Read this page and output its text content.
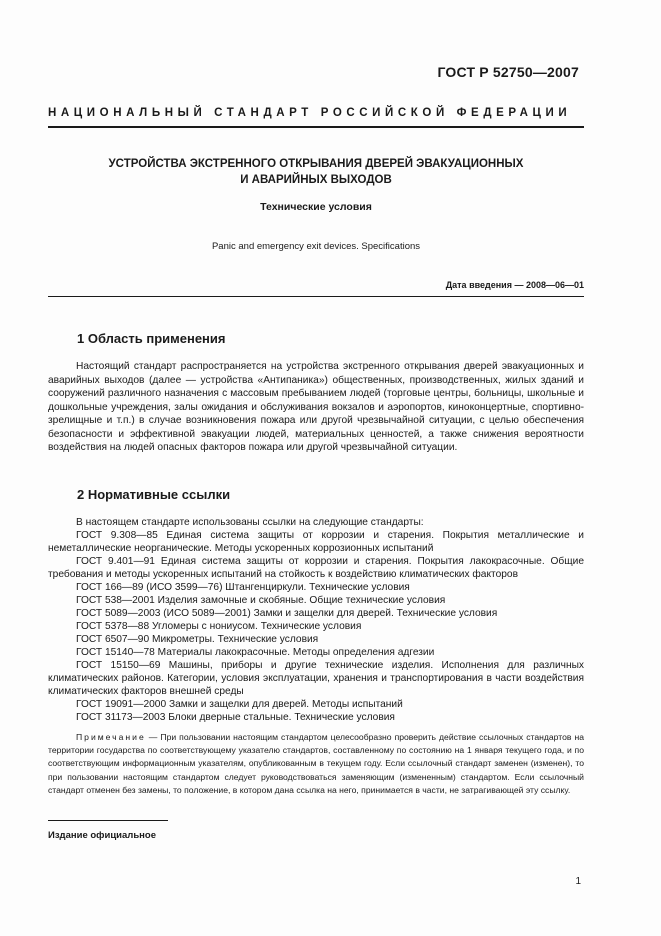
ГОСТ Р 52750—2007
НАЦИОНАЛЬНЫЙ СТАНДАРТ РОССИЙСКОЙ ФЕДЕРАЦИИ
УСТРОЙСТВА ЭКСТРЕННОГО ОТКРЫВАНИЯ ДВЕРЕЙ ЭВАКУАЦИОННЫХ
И АВАРИЙНЫХ ВЫХОДОВ
Технические условия
Panic and emergency exit devices. Specifications
Дата введения — 2008—06—01
1 Область применения
Настоящий стандарт распространяется на устройства экстренного открывания дверей эвакуационных и аварийных выходов (далее — устройства «Антипаника») общественных, производственных, жилых зданий и сооружений различного назначения с массовым пребыванием людей (торговые центры, больницы, школьные и дошкольные учреждения, залы ожидания и обслуживания вокзалов и аэропортов, киноконцертные, спортивно-зрелищные и т.п.) в случае возникновения пожара или другой чрезвычайной ситуации, с целью обеспечения безопасности и эффективной эвакуации людей, материальных ценностей, а также снижения вероятности воздействия на людей опасных факторов пожара или другой чрезвычайной ситуации.
2 Нормативные ссылки
В настоящем стандарте использованы ссылки на следующие стандарты:
ГОСТ 9.308—85 Единая система защиты от коррозии и старения. Покрытия металлические и неметаллические неорганические. Методы ускоренных коррозионных испытаний
ГОСТ 9.401—91 Единая система защиты от коррозии и старения. Покрытия лакокрасочные. Общие требования и методы ускоренных испытаний на стойкость к воздействию климатических факторов
ГОСТ 166—89 (ИСО 3599—76) Штангенциркули. Технические условия
ГОСТ 538—2001 Изделия замочные и скобяные. Общие технические условия
ГОСТ 5089—2003 (ИСО 5089—2001) Замки и защелки для дверей. Технические условия
ГОСТ 5378—88 Угломеры с нониусом. Технические условия
ГОСТ 6507—90 Микрометры. Технические условия
ГОСТ 15140—78 Материалы лакокрасочные. Методы определения адгезии
ГОСТ 15150—69 Машины, приборы и другие технические изделия. Исполнения для различных климатических районов. Категории, условия эксплуатации, хранения и транспортирования в части воздействия климатических факторов внешней среды
ГОСТ 19091—2000 Замки и защелки для дверей. Методы испытаний
ГОСТ 31173—2003 Блоки дверные стальные. Технические условия
Примечание — При пользовании настоящим стандартом целесообразно проверить действие ссылочных стандартов на территории государства по соответствующему указателю стандартов, составленному по состоянию на 1 января текущего года, и по соответствующим информационным указателям, опубликованным в текущем году. Если ссылочный стандарт заменен (изменен), то при пользовании настоящим стандартом следует руководствоваться заменяющим (измененным) стандартом. Если ссылочный стандарт отменен без замены, то положение, в котором дана ссылка на него, принимается в части, не затрагивающей эту ссылку.
Издание официальное
1
